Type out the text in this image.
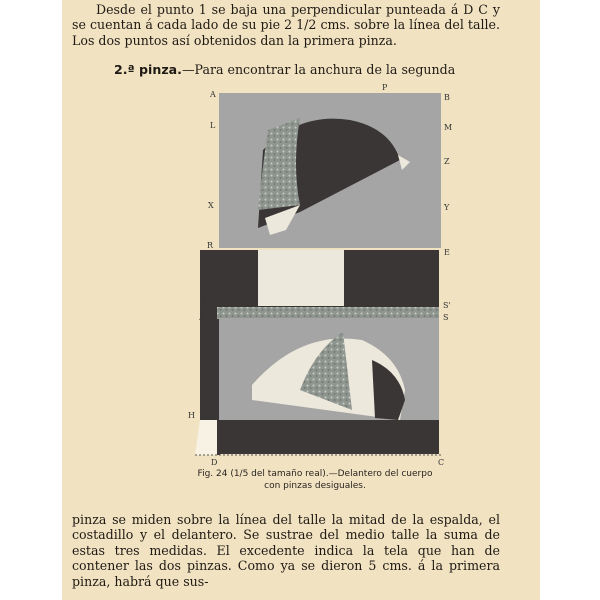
Desde el punto 1 se baja una perpendicular punteada á D C y se cuentan á cada lado de su pie 2 1/2 cms. sobre la línea del talle. Los dos puntos así obtenidos dan la primera pinza.

2.ª pinza.—Para encontrar la anchura de la segunda

A
P
B
L	M
Z
X	Y
R
E
J
S'
J'	S
H
D	C
Fig. 24 (1/5 del tamaño real).—Delantero del cuerpo
con pinzas desiguales.

pinza se miden sobre la línea del talle la mitad de la espalda, el costadillo y el delantero. Se sustrae del medio talle la suma de estas tres medidas. El excedente indica la tela que han de contener las dos pinzas. Como ya se dieron 5 cms. á la primera pinza, habrá que sus-
